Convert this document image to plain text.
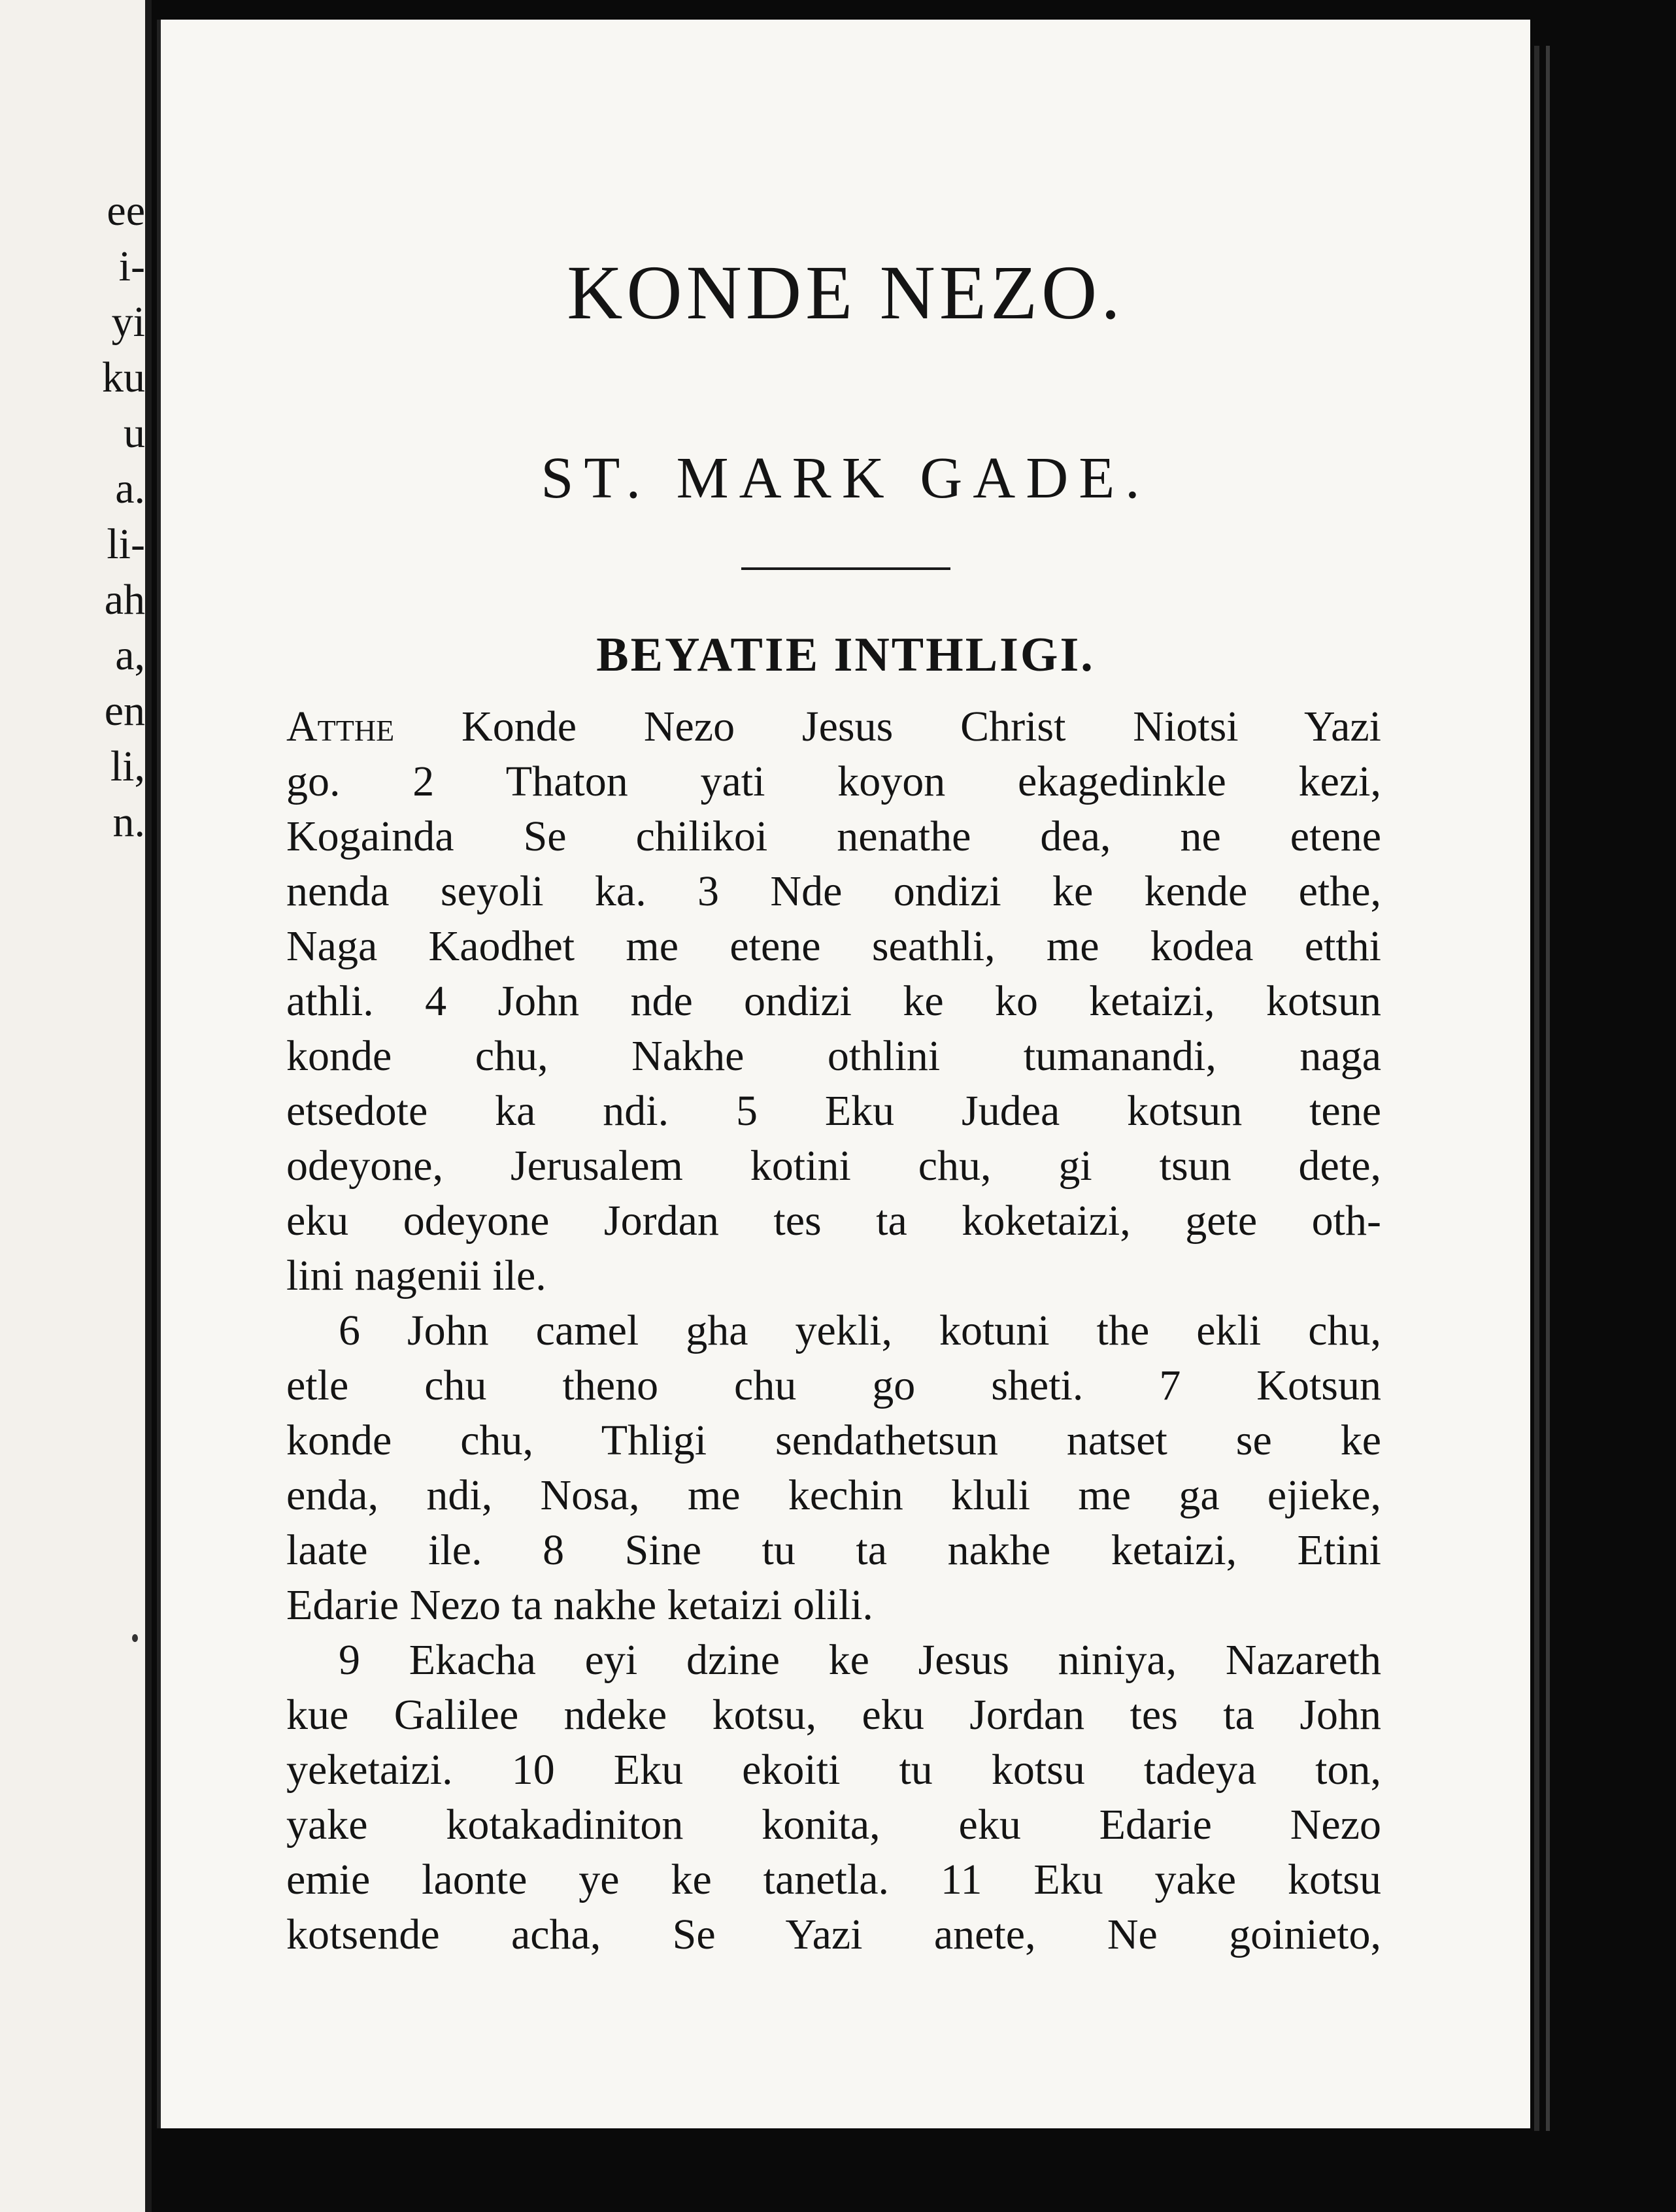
ee
i-
yi
ku
u
a.
li-
ah
a,
en
li,
n.
KONDE NEZO.
ST. MARK GADE.
BEYATIE INTHLIGI.
Atthe Konde Nezo Jesus Christ Niotsi Yazi
go. 2 Thaton yati koyon ekagedinkle kezi,
Kogainda Se chilikoi nenathe dea, ne etene
nenda seyoli ka. 3 Nde ondizi ke kende ethe,
Naga Kaodhet me etene seathli, me kodea etthi
athli. 4 John nde ondizi ke ko ketaizi, kotsun
konde chu, Nakhe othlini tumanandi, naga
etsedote ka ndi. 5 Eku Judea kotsun tene
odeyone, Jerusalem kotini chu, gi tsun dete,
eku odeyone Jordan tes ta koketaizi, gete oth-
lini nagenii ile.
6 John camel gha yekli, kotuni the ekli chu,
etle chu theno chu go sheti. 7 Kotsun
konde chu, Thligi sendathetsun natset se ke
enda, ndi, Nosa, me kechin kluli me ga ejieke,
laate ile. 8 Sine tu ta nakhe ketaizi, Etini
Edarie Nezo ta nakhe ketaizi olili.
9 Ekacha eyi dzine ke Jesus niniya, Nazareth
kue Galilee ndeke kotsu, eku Jordan tes ta John
yeketaizi. 10 Eku ekoiti tu kotsu tadeya ton,
yake kotakadiniton konita, eku Edarie Nezo
emie laonte ye ke tanetla. 11 Eku yake kotsu
kotsende acha, Se Yazi anete, Ne goinieto,
